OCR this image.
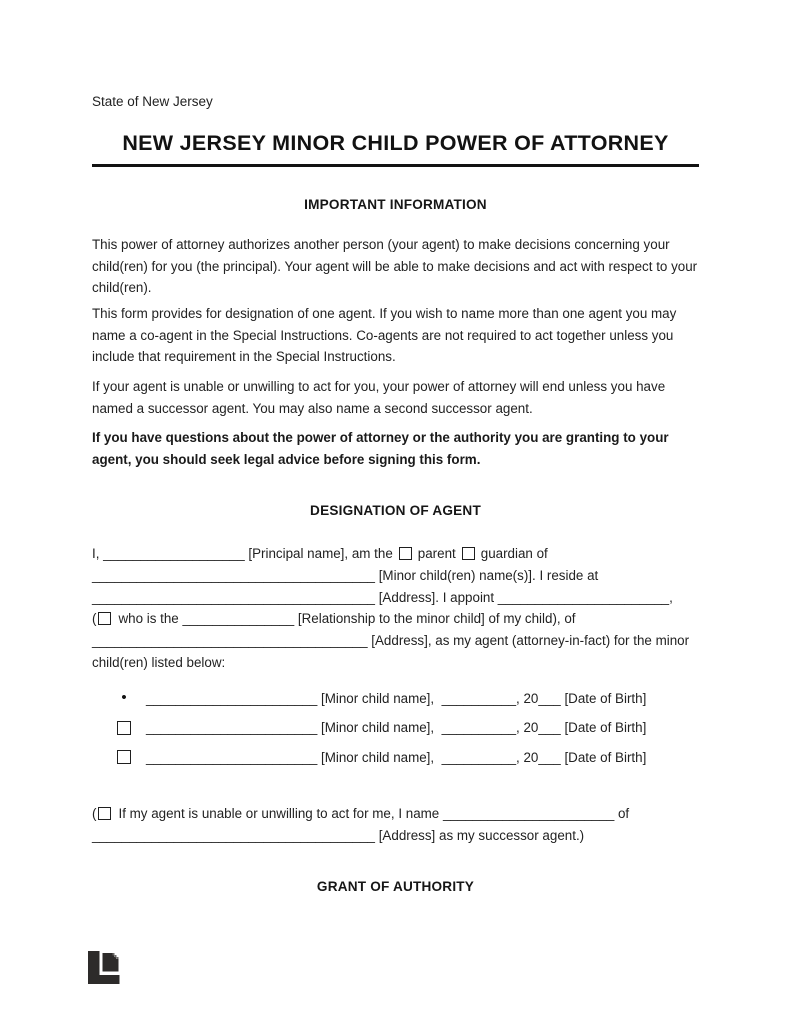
State of New Jersey
NEW JERSEY MINOR CHILD POWER OF ATTORNEY
IMPORTANT INFORMATION

This power of attorney authorizes another person (your agent) to make decisions concerning your child(ren) for you (the principal). Your agent will be able to make decisions and act with respect to your child(ren).

This form provides for designation of one agent. If you wish to name more than one agent you may name a co-agent in the Special Instructions. Co-agents are not required to act together unless you include that requirement in the Special Instructions.

If your agent is unable or unwilling to act for you, your power of attorney will end unless you have named a successor agent. You may also name a second successor agent.

If you have questions about the power of attorney or the authority you are granting to your agent, you should seek legal advice before signing this form.

DESIGNATION OF AGENT
I, ___________________ [Principal name], am the parent guardian of
______________________________________ [Minor child(ren) name(s)]. I reside at
______________________________________ [Address]. I appoint _______________________,
( who is the _______________ [Relationship to the minor child] of my child), of
_____________________________________ [Address], as my agent (attorney-in-fact) for the minor
child(ren) listed below:
•	_______________________ [Minor child name],  __________, 20___ [Date of Birth]
_______________________ [Minor child name],  __________, 20___ [Date of Birth]
_______________________ [Minor child name],  __________, 20___ [Date of Birth]
( If my agent is unable or unwilling to act for me, I name _______________________ of
______________________________________ [Address] as my successor agent.)
GRANT OF AUTHORITY
